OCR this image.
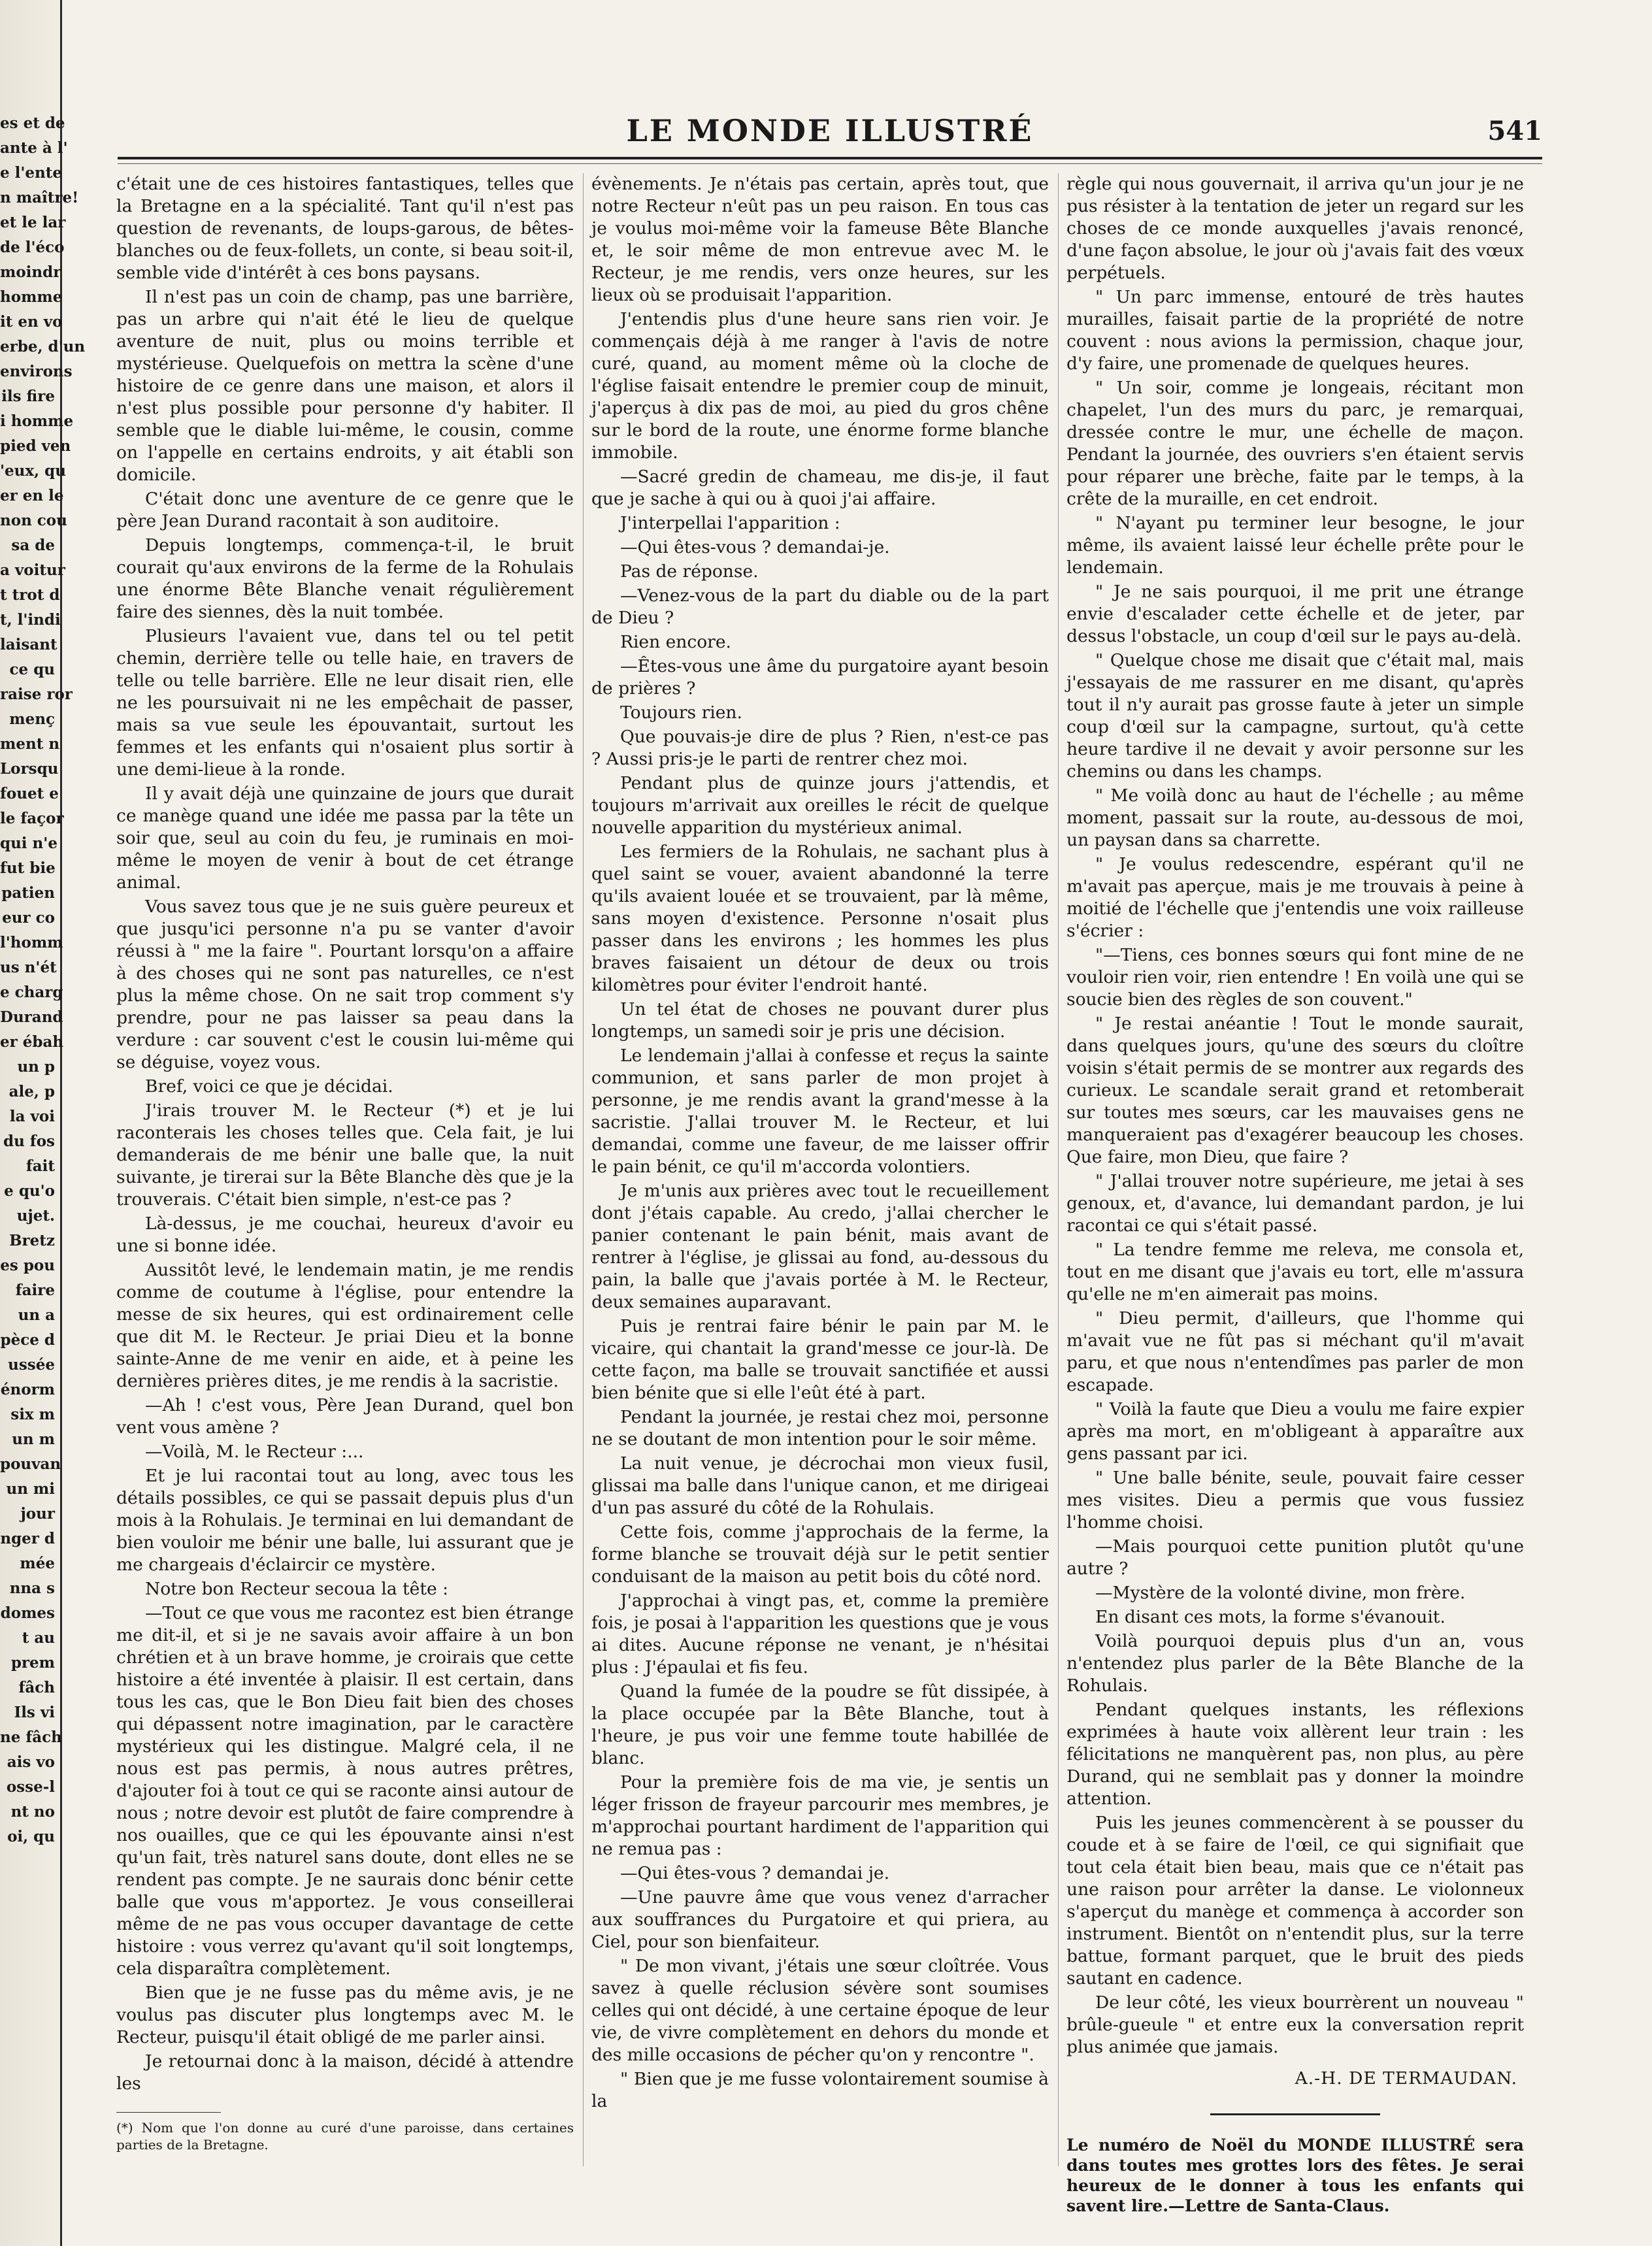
es et de
ante à l'
e l'ente
n maître!
et le lar
de l'éco
moindr
homme
it en vo
erbe, d'un
environs
ils fire
i homme
pied ven
'eux, qu
er en le
non cou
sa de
a voitur
t trot d
t, l'indi
laisant
ce qu
raise ror
menç
ment n
Lorsqu
fouet e
le façor
qui n'e
fut bie
patien
eur co
l'homm
us n'ét
e charg
Durand
er ébah
un p
ale, p
la voi
du fos
fait
e qu'o
ujet.
Bretz
es pou
faire
un a
pèce d
ussée
énorm
six m
un m
pouvan
un mi
jour
nger d
mée
nna s
domes
t au
prem
fâch
Ils vi
ne fâch
ais vo
osse-l
nt no
oi, qu
LE MONDE ILLUSTRÉ	541

c'était une de ces histoires fantastiques, telles que la Bretagne en a la spécialité. Tant qu'il n'est pas question de revenants, de loups-garous, de bêtes-blanches ou de feux-follets, un conte, si beau soit-il, semble vide d'intérêt à ces bons paysans.

Il n'est pas un coin de champ, pas une barrière, pas un arbre qui n'ait été le lieu de quelque aventure de nuit, plus ou moins terrible et mystérieuse. Quelquefois on mettra la scène d'une histoire de ce genre dans une maison, et alors il n'est plus possible pour personne d'y habiter. Il semble que le diable lui-même, le cousin, comme on l'appelle en certains endroits, y ait établi son domicile.

C'était donc une aventure de ce genre que le père Jean Durand racontait à son auditoire.

Depuis longtemps, commença-t-il, le bruit courait qu'aux environs de la ferme de la Rohulais une énorme Bête Blanche venait régulièrement faire des siennes, dès la nuit tombée.

Plusieurs l'avaient vue, dans tel ou tel petit chemin, derrière telle ou telle haie, en travers de telle ou telle barrière. Elle ne leur disait rien, elle ne les poursuivait ni ne les empêchait de passer, mais sa vue seule les épouvantait, surtout les femmes et les enfants qui n'osaient plus sortir à une demi-lieue à la ronde.

Il y avait déjà une quinzaine de jours que durait ce manège quand une idée me passa par la tête un soir que, seul au coin du feu, je ruminais en moi-même le moyen de venir à bout de cet étrange animal.

Vous savez tous que je ne suis guère peureux et que jusqu'ici personne n'a pu se vanter d'avoir réussi à " me la faire ". Pourtant lorsqu'on a affaire à des choses qui ne sont pas naturelles, ce n'est plus la même chose. On ne sait trop comment s'y prendre, pour ne pas laisser sa peau dans la verdure : car souvent c'est le cousin lui-même qui se déguise, voyez vous.

Bref, voici ce que je décidai.

J'irais trouver M. le Recteur (*) et je lui raconterais les choses telles que. Cela fait, je lui demanderais de me bénir une balle que, la nuit suivante, je tirerai sur la Bête Blanche dès que je la trouverais. C'était bien simple, n'est-ce pas ?

Là-dessus, je me couchai, heureux d'avoir eu une si bonne idée.

Aussitôt levé, le lendemain matin, je me rendis comme de coutume à l'église, pour entendre la messe de six heures, qui est ordinairement celle que dit M. le Recteur. Je priai Dieu et la bonne sainte-Anne de me venir en aide, et à peine les dernières prières dites, je me rendis à la sacristie.

—Ah ! c'est vous, Père Jean Durand, quel bon vent vous amène ?

—Voilà, M. le Recteur :...

Et je lui racontai tout au long, avec tous les détails possibles, ce qui se passait depuis plus d'un mois à la Rohulais. Je terminai en lui demandant de bien vouloir me bénir une balle, lui assurant que je me chargeais d'éclaircir ce mystère.

Notre bon Recteur secoua la tête :

—Tout ce que vous me racontez est bien étrange me dit-il, et si je ne savais avoir affaire à un bon chrétien et à un brave homme, je croirais que cette histoire a été inventée à plaisir. Il est certain, dans tous les cas, que le Bon Dieu fait bien des choses qui dépassent notre imagination, par le caractère mystérieux qui les distingue. Malgré cela, il ne nous est pas permis, à nous autres prêtres, d'ajouter foi à tout ce qui se raconte ainsi autour de nous ; notre devoir est plutôt de faire comprendre à nos ouailles, que ce qui les épouvante ainsi n'est qu'un fait, très naturel sans doute, dont elles ne se rendent pas compte. Je ne saurais donc bénir cette balle que vous m'apportez. Je vous conseillerai même de ne pas vous occuper davantage de cette histoire : vous verrez qu'avant qu'il soit longtemps, cela disparaîtra complètement.

Bien que je ne fusse pas du même avis, je ne voulus pas discuter plus longtemps avec M. le Recteur, puisqu'il était obligé de me parler ainsi.

Je retournai donc à la maison, décidé à attendre les

(*) Nom que l'on donne au curé d'une paroisse, dans certaines parties de la Bretagne.

évènements. Je n'étais pas certain, après tout, que notre Recteur n'eût pas un peu raison. En tous cas je voulus moi-même voir la fameuse Bête Blanche et, le soir même de mon entrevue avec M. le Recteur, je me rendis, vers onze heures, sur les lieux où se produisait l'apparition.

J'entendis plus d'une heure sans rien voir. Je commençais déjà à me ranger à l'avis de notre curé, quand, au moment même où la cloche de l'église faisait entendre le premier coup de minuit, j'aperçus à dix pas de moi, au pied du gros chêne sur le bord de la route, une énorme forme blanche immobile.

—Sacré gredin de chameau, me dis-je, il faut que je sache à qui ou à quoi j'ai affaire.

J'interpellai l'apparition :

—Qui êtes-vous ? demandai-je.

Pas de réponse.

—Venez-vous de la part du diable ou de la part de Dieu ?

Rien encore.

—Êtes-vous une âme du purgatoire ayant besoin de prières ?

Toujours rien.

Que pouvais-je dire de plus ? Rien, n'est-ce pas ? Aussi pris-je le parti de rentrer chez moi.

Pendant plus de quinze jours j'attendis, et toujours m'arrivait aux oreilles le récit de quelque nouvelle apparition du mystérieux animal.

Les fermiers de la Rohulais, ne sachant plus à quel saint se vouer, avaient abandonné la terre qu'ils avaient louée et se trouvaient, par là même, sans moyen d'existence. Personne n'osait plus passer dans les environs ; les hommes les plus braves faisaient un détour de deux ou trois kilomètres pour éviter l'endroit hanté.

Un tel état de choses ne pouvant durer plus longtemps, un samedi soir je pris une décision.

Le lendemain j'allai à confesse et reçus la sainte communion, et sans parler de mon projet à personne, je me rendis avant la grand'messe à la sacristie. J'allai trouver M. le Recteur, et lui demandai, comme une faveur, de me laisser offrir le pain bénit, ce qu'il m'accorda volontiers.

Je m'unis aux prières avec tout le recueillement dont j'étais capable. Au credo, j'allai chercher le panier contenant le pain bénit, mais avant de rentrer à l'église, je glissai au fond, au-dessous du pain, la balle que j'avais portée à M. le Recteur, deux semaines auparavant.

Puis je rentrai faire bénir le pain par M. le vicaire, qui chantait la grand'messe ce jour-là. De cette façon, ma balle se trouvait sanctifiée et aussi bien bénite que si elle l'eût été à part.

Pendant la journée, je restai chez moi, personne ne se doutant de mon intention pour le soir même.

La nuit venue, je décrochai mon vieux fusil, glissai ma balle dans l'unique canon, et me dirigeai d'un pas assuré du côté de la Rohulais.

Cette fois, comme j'approchais de la ferme, la forme blanche se trouvait déjà sur le petit sentier conduisant de la maison au petit bois du côté nord.

J'approchai à vingt pas, et, comme la première fois, je posai à l'apparition les questions que je vous ai dites. Aucune réponse ne venant, je n'hésitai plus : J'épaulai et fis feu.

Quand la fumée de la poudre se fût dissipée, à la place occupée par la Bête Blanche, tout à l'heure, je pus voir une femme toute habillée de blanc.

Pour la première fois de ma vie, je sentis un léger frisson de frayeur parcourir mes membres, je m'approchai pourtant hardiment de l'apparition qui ne remua pas :

—Qui êtes-vous ? demandai je.

—Une pauvre âme que vous venez d'arracher aux souffrances du Purgatoire et qui priera, au Ciel, pour son bienfaiteur.

" De mon vivant, j'étais une sœur cloîtrée. Vous savez à quelle réclusion sévère sont soumises celles qui ont décidé, à une certaine époque de leur vie, de vivre complètement en dehors du monde et des mille occasions de pécher qu'on y rencontre ".

" Bien que je me fusse volontairement soumise à la

règle qui nous gouvernait, il arriva qu'un jour je ne pus résister à la tentation de jeter un regard sur les choses de ce monde auxquelles j'avais renoncé, d'une façon absolue, le jour où j'avais fait des vœux perpétuels.

" Un parc immense, entouré de très hautes murailles, faisait partie de la propriété de notre couvent : nous avions la permission, chaque jour, d'y faire, une promenade de quelques heures.

" Un soir, comme je longeais, récitant mon chapelet, l'un des murs du parc, je remarquai, dressée contre le mur, une échelle de maçon. Pendant la journée, des ouvriers s'en étaient servis pour réparer une brèche, faite par le temps, à la crête de la muraille, en cet endroit.

" N'ayant pu terminer leur besogne, le jour même, ils avaient laissé leur échelle prête pour le lendemain.

" Je ne sais pourquoi, il me prit une étrange envie d'escalader cette échelle et de jeter, par dessus l'obstacle, un coup d'œil sur le pays au-delà.

" Quelque chose me disait que c'était mal, mais j'essayais de me rassurer en me disant, qu'après tout il n'y aurait pas grosse faute à jeter un simple coup d'œil sur la campagne, surtout, qu'à cette heure tardive il ne devait y avoir personne sur les chemins ou dans les champs.

" Me voilà donc au haut de l'échelle ; au même moment, passait sur la route, au-dessous de moi, un paysan dans sa charrette.

" Je voulus redescendre, espérant qu'il ne m'avait pas aperçue, mais je me trouvais à peine à moitié de l'échelle que j'entendis une voix railleuse s'écrier :

"—Tiens, ces bonnes sœurs qui font mine de ne vouloir rien voir, rien entendre ! En voilà une qui se soucie bien des règles de son couvent."

" Je restai anéantie ! Tout le monde saurait, dans quelques jours, qu'une des sœurs du cloître voisin s'était permis de se montrer aux regards des curieux. Le scandale serait grand et retomberait sur toutes mes sœurs, car les mauvaises gens ne manqueraient pas d'exagérer beaucoup les choses. Que faire, mon Dieu, que faire ?

" J'allai trouver notre supérieure, me jetai à ses genoux, et, d'avance, lui demandant pardon, je lui racontai ce qui s'était passé.

" La tendre femme me releva, me consola et, tout en me disant que j'avais eu tort, elle m'assura qu'elle ne m'en aimerait pas moins.

" Dieu permit, d'ailleurs, que l'homme qui m'avait vue ne fût pas si méchant qu'il m'avait paru, et que nous n'entendîmes pas parler de mon escapade.

" Voilà la faute que Dieu a voulu me faire expier après ma mort, en m'obligeant à apparaître aux gens passant par ici.

" Une balle bénite, seule, pouvait faire cesser mes visites. Dieu a permis que vous fussiez l'homme choisi.

—Mais pourquoi cette punition plutôt qu'une autre ?

—Mystère de la volonté divine, mon frère.

En disant ces mots, la forme s'évanouit.

Voilà pourquoi depuis plus d'un an, vous n'entendez plus parler de la Bête Blanche de la Rohulais.

Pendant quelques instants, les réflexions exprimées à haute voix allèrent leur train : les félicitations ne manquèrent pas, non plus, au père Durand, qui ne semblait pas y donner la moindre attention.

Puis les jeunes commencèrent à se pousser du coude et à se faire de l'œil, ce qui signifiait que tout cela était bien beau, mais que ce n'était pas une raison pour arrêter la danse. Le violonneux s'aperçut du manège et commença à accorder son instrument. Bientôt on n'entendit plus, sur la terre battue, formant parquet, que le bruit des pieds sautant en cadence.

De leur côté, les vieux bourrèrent un nouveau " brûle-gueule " et entre eux la conversation reprit plus animée que jamais.

A.-H. DE TERMAUDAN.

Le numéro de Noël du MONDE ILLUSTRÉ sera dans toutes mes grottes lors des fêtes. Je serai heureux de le donner à tous les enfants qui savent lire.—Lettre de Santa-Claus.
